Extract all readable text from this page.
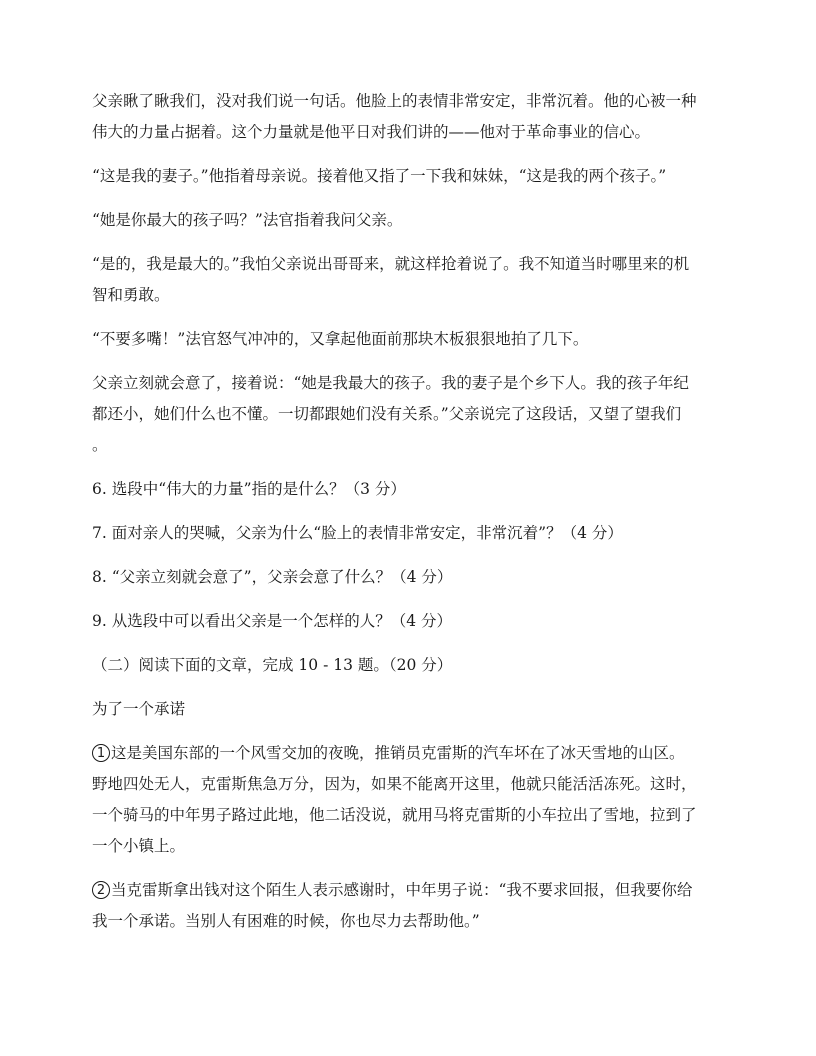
父亲瞅了瞅我们，没对我们说一句话。他脸上的表情非常安定，非常沉着。他的心被一种
伟大的力量占据着。这个力量就是他平日对我们讲的——他对于革命事业的信心。

“这是我的妻子。”他指着母亲说。接着他又指了一下我和妹妹，“这是我的两个孩子。”

“她是你最大的孩子吗？”法官指着我问父亲。

“是的，我是最大的。”我怕父亲说出哥哥来，就这样抢着说了。我不知道当时哪里来的机
智和勇敢。

“不要多嘴！”法官怒气冲冲的，又拿起他面前那块木板狠狠地拍了几下。

父亲立刻就会意了，接着说：“她是我最大的孩子。我的妻子是个乡下人。我的孩子年纪
都还小，她们什么也不懂。一切都跟她们没有关系。”父亲说完了这段话，又望了望我们
。

6. 选段中“伟大的力量”指的是什么？（3 分）

7. 面对亲人的哭喊，父亲为什么“脸上的表情非常安定，非常沉着”？（4 分）

8. “父亲立刻就会意了”，父亲会意了什么？（4 分）

9. 从选段中可以看出父亲是一个怎样的人？（4 分）

（二）阅读下面的文章，完成 10 - 13 题。（20 分）

为了一个承诺

1 这是美国东部的一个风雪交加的夜晚，推销员克雷斯的汽车坏在了冰天雪地的山区。
野地四处无人，克雷斯焦急万分，因为，如果不能离开这里，他就只能活活冻死。这时，
一个骑马的中年男子路过此地，他二话没说，就用马将克雷斯的小车拉出了雪地，拉到了
一个小镇上。

2 当克雷斯拿出钱对这个陌生人表示感谢时，中年男子说：“我不要求回报，但我要你给
我一个承诺。当别人有困难的时候，你也尽力去帮助他。”
